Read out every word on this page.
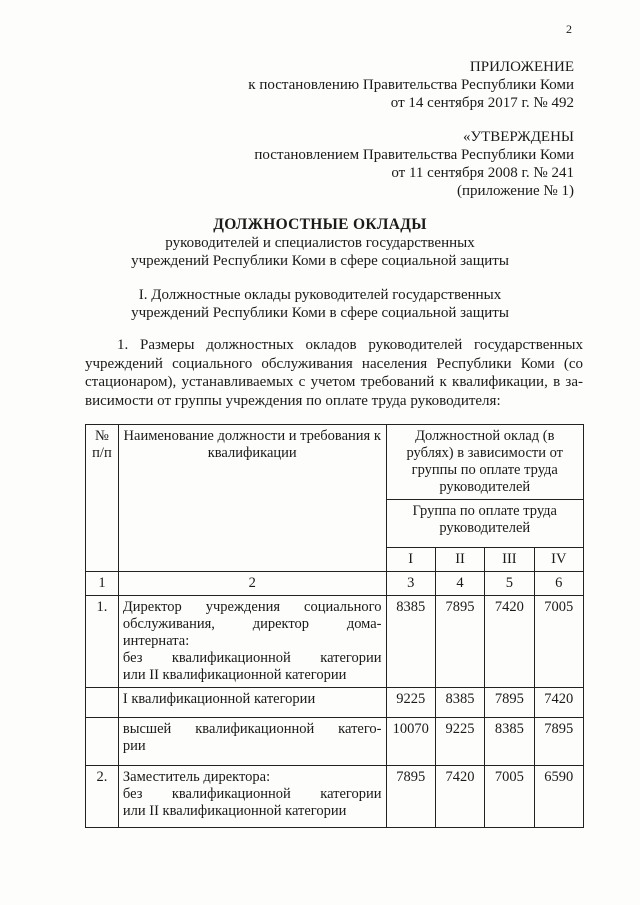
2
ПРИЛОЖЕНИЕ
к постановлению Правительства Республики Коми
от 14 сентября 2017 г. № 492
«УТВЕРЖДЕНЫ
постановлением Правительства Республики Коми
от 11 сентября 2008 г. № 241
(приложение № 1)
ДОЛЖНОСТНЫЕ ОКЛАДЫ
руководителей и специалистов государственных
учреждений Республики Коми в сфере социальной защиты
I. Должностные оклады руководителей государственных
учреждений Республики Коми в сфере социальной защиты
1. Размеры должностных окладов руководителей государственных
учреждений социального обслуживания населения Республики Коми (со
стационаром), устанавливаемых с учетом требований к квалификации, в за-
висимости от группы учреждения по оплате труда руководителя:
№ п/п	Наименование должности и требования к квалификации	Должностной оклад (в рублях) в зависимости от группы по оплате труда руководителей			
		Группа по оплате труда руководителей			
		I	II	III	IV
1	2	3	4	5	6
1.	Директор учреждения социального
обслуживания, директор дома-
интерната:
без квалификационной категории
или II квалификационной категории	8385	7895	7420	7005

	I квалификационной категории	9225	8385	7895	7420

	высшей квалификационной катего-
рии	10070	9225	8385	7895
2.	Заместитель директора:
без квалификационной категории
или II квалификационной категории	7895	7420	7005	6590
